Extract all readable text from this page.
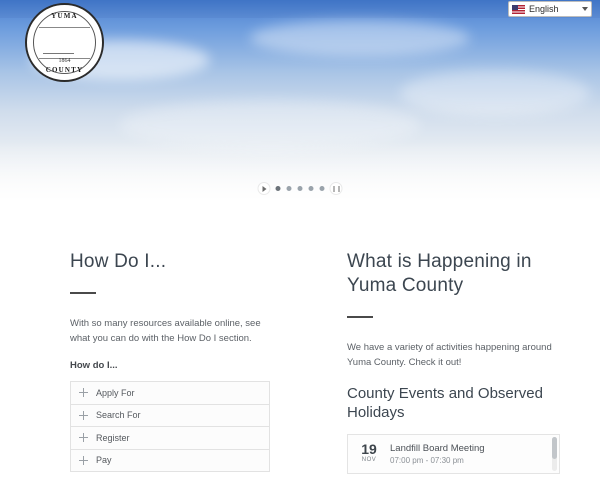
YUMA
1864
COUNTY
English
How Do I...

With so many resources available online, see what you can do with the How Do I section.

How do I...
Apply For
Search For
Register
Pay
What is Happening in Yuma County

We have a variety of activities happening around Yuma County. Check it out!

County Events and Observed Holidays
19
NOV
Landfill Board Meeting
07:00 pm - 07:30 pm
